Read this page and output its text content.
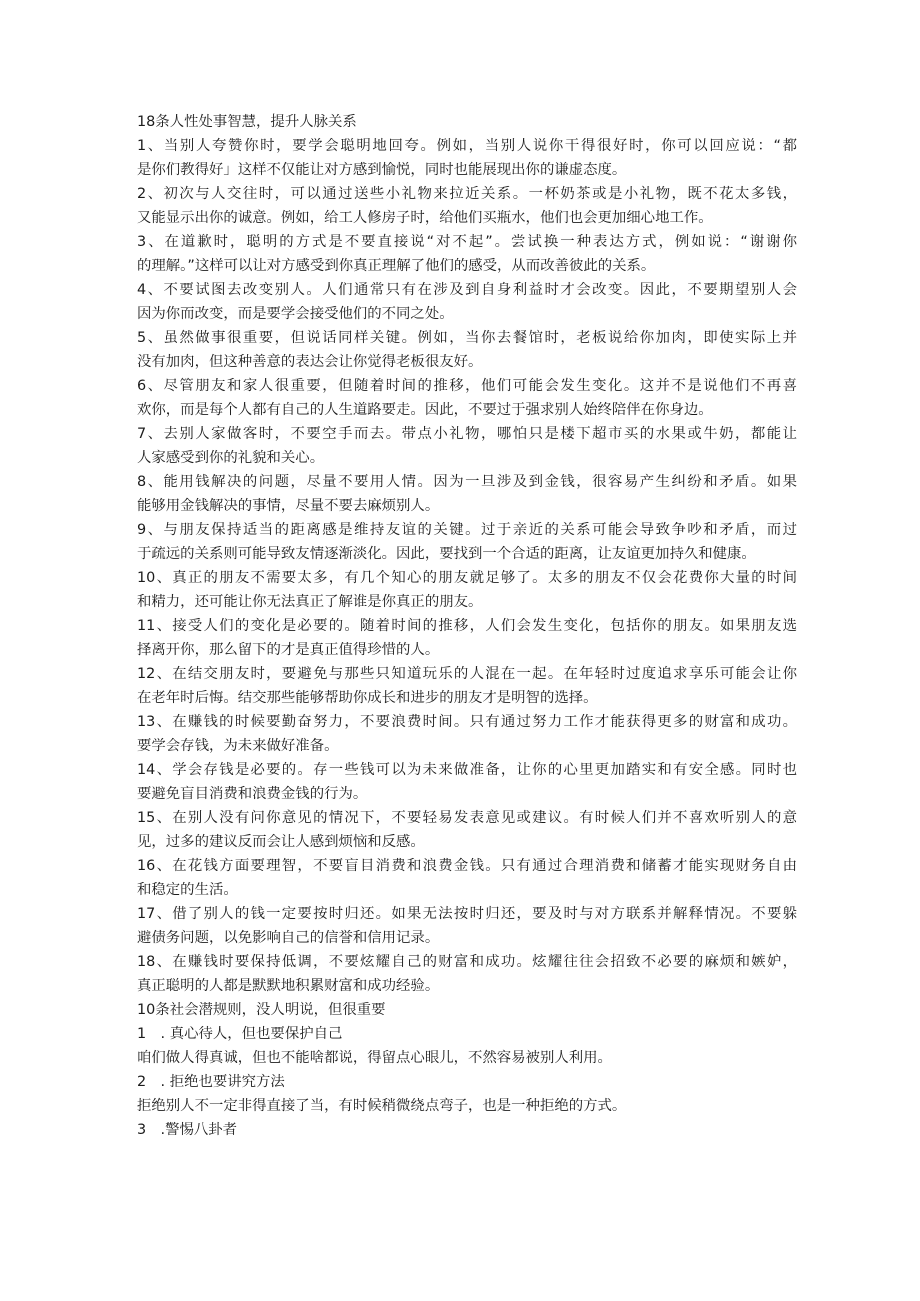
18条人性处事智慧，提升人脉关系
1、当别人夸赞你时，要学会聪明地回夸。例如，当别人说你干得很好时，你可以回应说：“都
是你们教得好」这样不仅能让对方感到愉悦，同时也能展现出你的谦虚态度。
2、初次与人交往时，可以通过送些小礼物来拉近关系。一杯奶茶或是小礼物，既不花太多钱，
又能显示出你的诚意。例如，给工人修房子时，给他们买瓶水，他们也会更加细心地工作。
3、在道歉时，聪明的方式是不要直接说“对不起”。尝试换一种表达方式，例如说：“谢谢你
的理解。”这样可以让对方感受到你真正理解了他们的感受，从而改善彼此的关系。
4、不要试图去改变别人。人们通常只有在涉及到自身利益时才会改变。因此，不要期望别人会
因为你而改变，而是要学会接受他们的不同之处。
5、虽然做事很重要，但说话同样关键。例如，当你去餐馆时，老板说给你加肉，即使实际上并
没有加肉，但这种善意的表达会让你觉得老板很友好。
6、尽管朋友和家人很重要，但随着时间的推移，他们可能会发生变化。这并不是说他们不再喜
欢你，而是每个人都有自己的人生道路要走。因此，不要过于强求别人始终陪伴在你身边。
7、去别人家做客时，不要空手而去。带点小礼物，哪怕只是楼下超市买的水果或牛奶，都能让
人家感受到你的礼貌和关心。
8、能用钱解决的问题，尽量不要用人情。因为一旦涉及到金钱，很容易产生纠纷和矛盾。如果
能够用金钱解决的事情，尽量不要去麻烦别人。
9、与朋友保持适当的距离感是维持友谊的关键。过于亲近的关系可能会导致争吵和矛盾，而过
于疏远的关系则可能导致友情逐渐淡化。因此，要找到一个合适的距离，让友谊更加持久和健康。
10、真正的朋友不需要太多，有几个知心的朋友就足够了。太多的朋友不仅会花费你大量的时间
和精力，还可能让你无法真正了解谁是你真正的朋友。
11、接受人们的变化是必要的。随着时间的推移，人们会发生变化，包括你的朋友。如果朋友选
择离开你，那么留下的才是真正值得珍惜的人。
12、在结交朋友时，要避免与那些只知道玩乐的人混在一起。在年轻时过度追求享乐可能会让你
在老年时后悔。结交那些能够帮助你成长和进步的朋友才是明智的选择。
13、在赚钱的时候要勤奋努力，不要浪费时间。只有通过努力工作才能获得更多的财富和成功。
要学会存钱，为未来做好准备。
14、学会存钱是必要的。存一些钱可以为未来做准备，让你的心里更加踏实和有安全感。同时也
要避免盲目消费和浪费金钱的行为。
15、在别人没有问你意见的情况下，不要轻易发表意见或建议。有时候人们并不喜欢听别人的意
见，过多的建议反而会让人感到烦恼和反感。
16、在花钱方面要理智，不要盲目消费和浪费金钱。只有通过合理消费和储蓄才能实现财务自由
和稳定的生活。
17、借了别人的钱一定要按时归还。如果无法按时归还，要及时与对方联系并解释情况。不要躲
避债务问题，以免影响自己的信誉和信用记录。
18、在赚钱时要保持低调，不要炫耀自己的财富和成功。炫耀往往会招致不必要的麻烦和嫉妒，
真正聪明的人都是默默地积累财富和成功经验。
10条社会潜规则，没人明说，但很重要
1　. 真心待人，但也要保护自己
咱们做人得真诚，但也不能啥都说，得留点心眼儿，不然容易被别人利用。
2　. 拒绝也要讲究方法
拒绝别人不一定非得直接了当，有时候稍微绕点弯子，也是一种拒绝的方式。
3　.警惕八卦者
